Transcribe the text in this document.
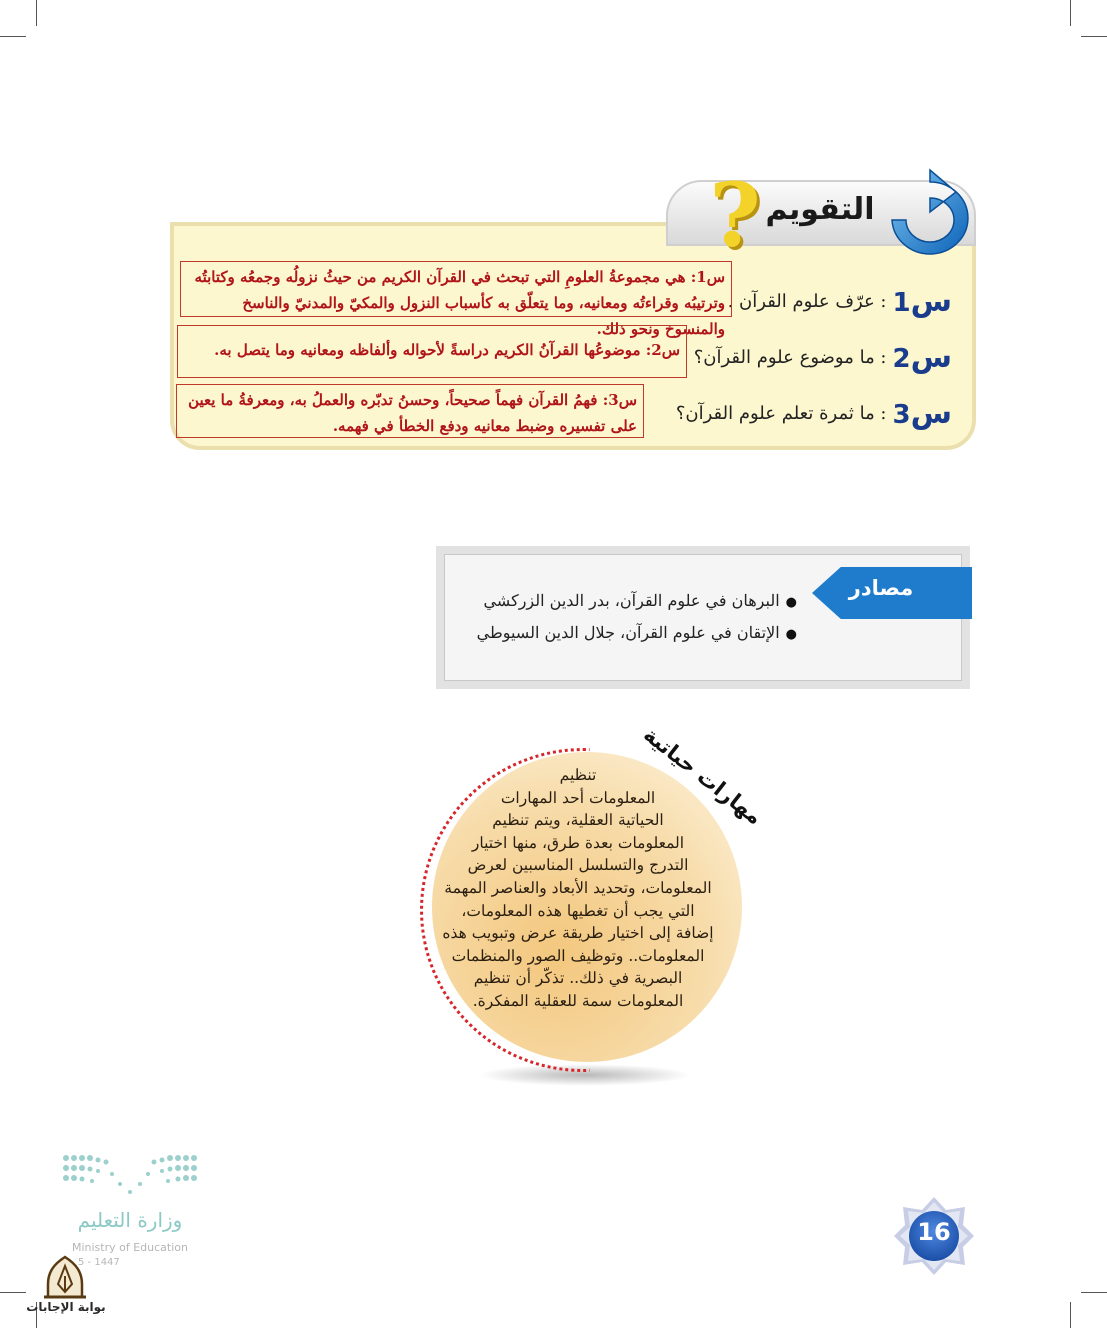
التقويم
?
س1: عرّف علوم القرآن .
س1: هي مجموعةُ العلومِ التي تبحث في القرآن الكريم من حيثُ نزولُه وجمعُه وكتابتُه وترتيبُه وقراءتُه ومعانيه، وما يتعلّق به كأسباب النزول والمكيّ والمدنيّ والناسخ والمنسوخ ونحو ذلك.
س2: ما موضوع علوم القرآن؟
س2: موضوعُها القرآنُ الكريم دراسةً لأحواله وألفاظه ومعانيه وما يتصل به.
س3: ما ثمرة تعلم علوم القرآن؟
س3: فهمُ القرآن فهماً صحيحاً، وحسنُ تدبّره والعملُ به، ومعرفةُ ما يعين على تفسيره وضبط معانيه ودفع الخطأ في فهمه.
مصادر
●البرهان في علوم القرآن، بدر الدين الزركشي
●الإتقان في علوم القرآن، جلال الدين السيوطي
مهارات حياتية
تنظيم
المعلومات أحد المهارات
الحياتية العقلية، ويتم تنظيم
المعلومات بعدة طرق، منها اختيار
التدرج والتسلسل المناسبين لعرض
المعلومات، وتحديد الأبعاد والعناصر المهمة
التي يجب أن تغطيها هذه المعلومات،
إضافة إلى اختيار طريقة عرض وتبويب هذه
المعلومات.. وتوظيف الصور والمنظمات
البصرية في ذلك.. تذكّر أن تنظيم
المعلومات سمة للعقلية المفكرة.
وزارة التعليم
Ministry of Education
5 - 1447
بوابة الإجابات
16
